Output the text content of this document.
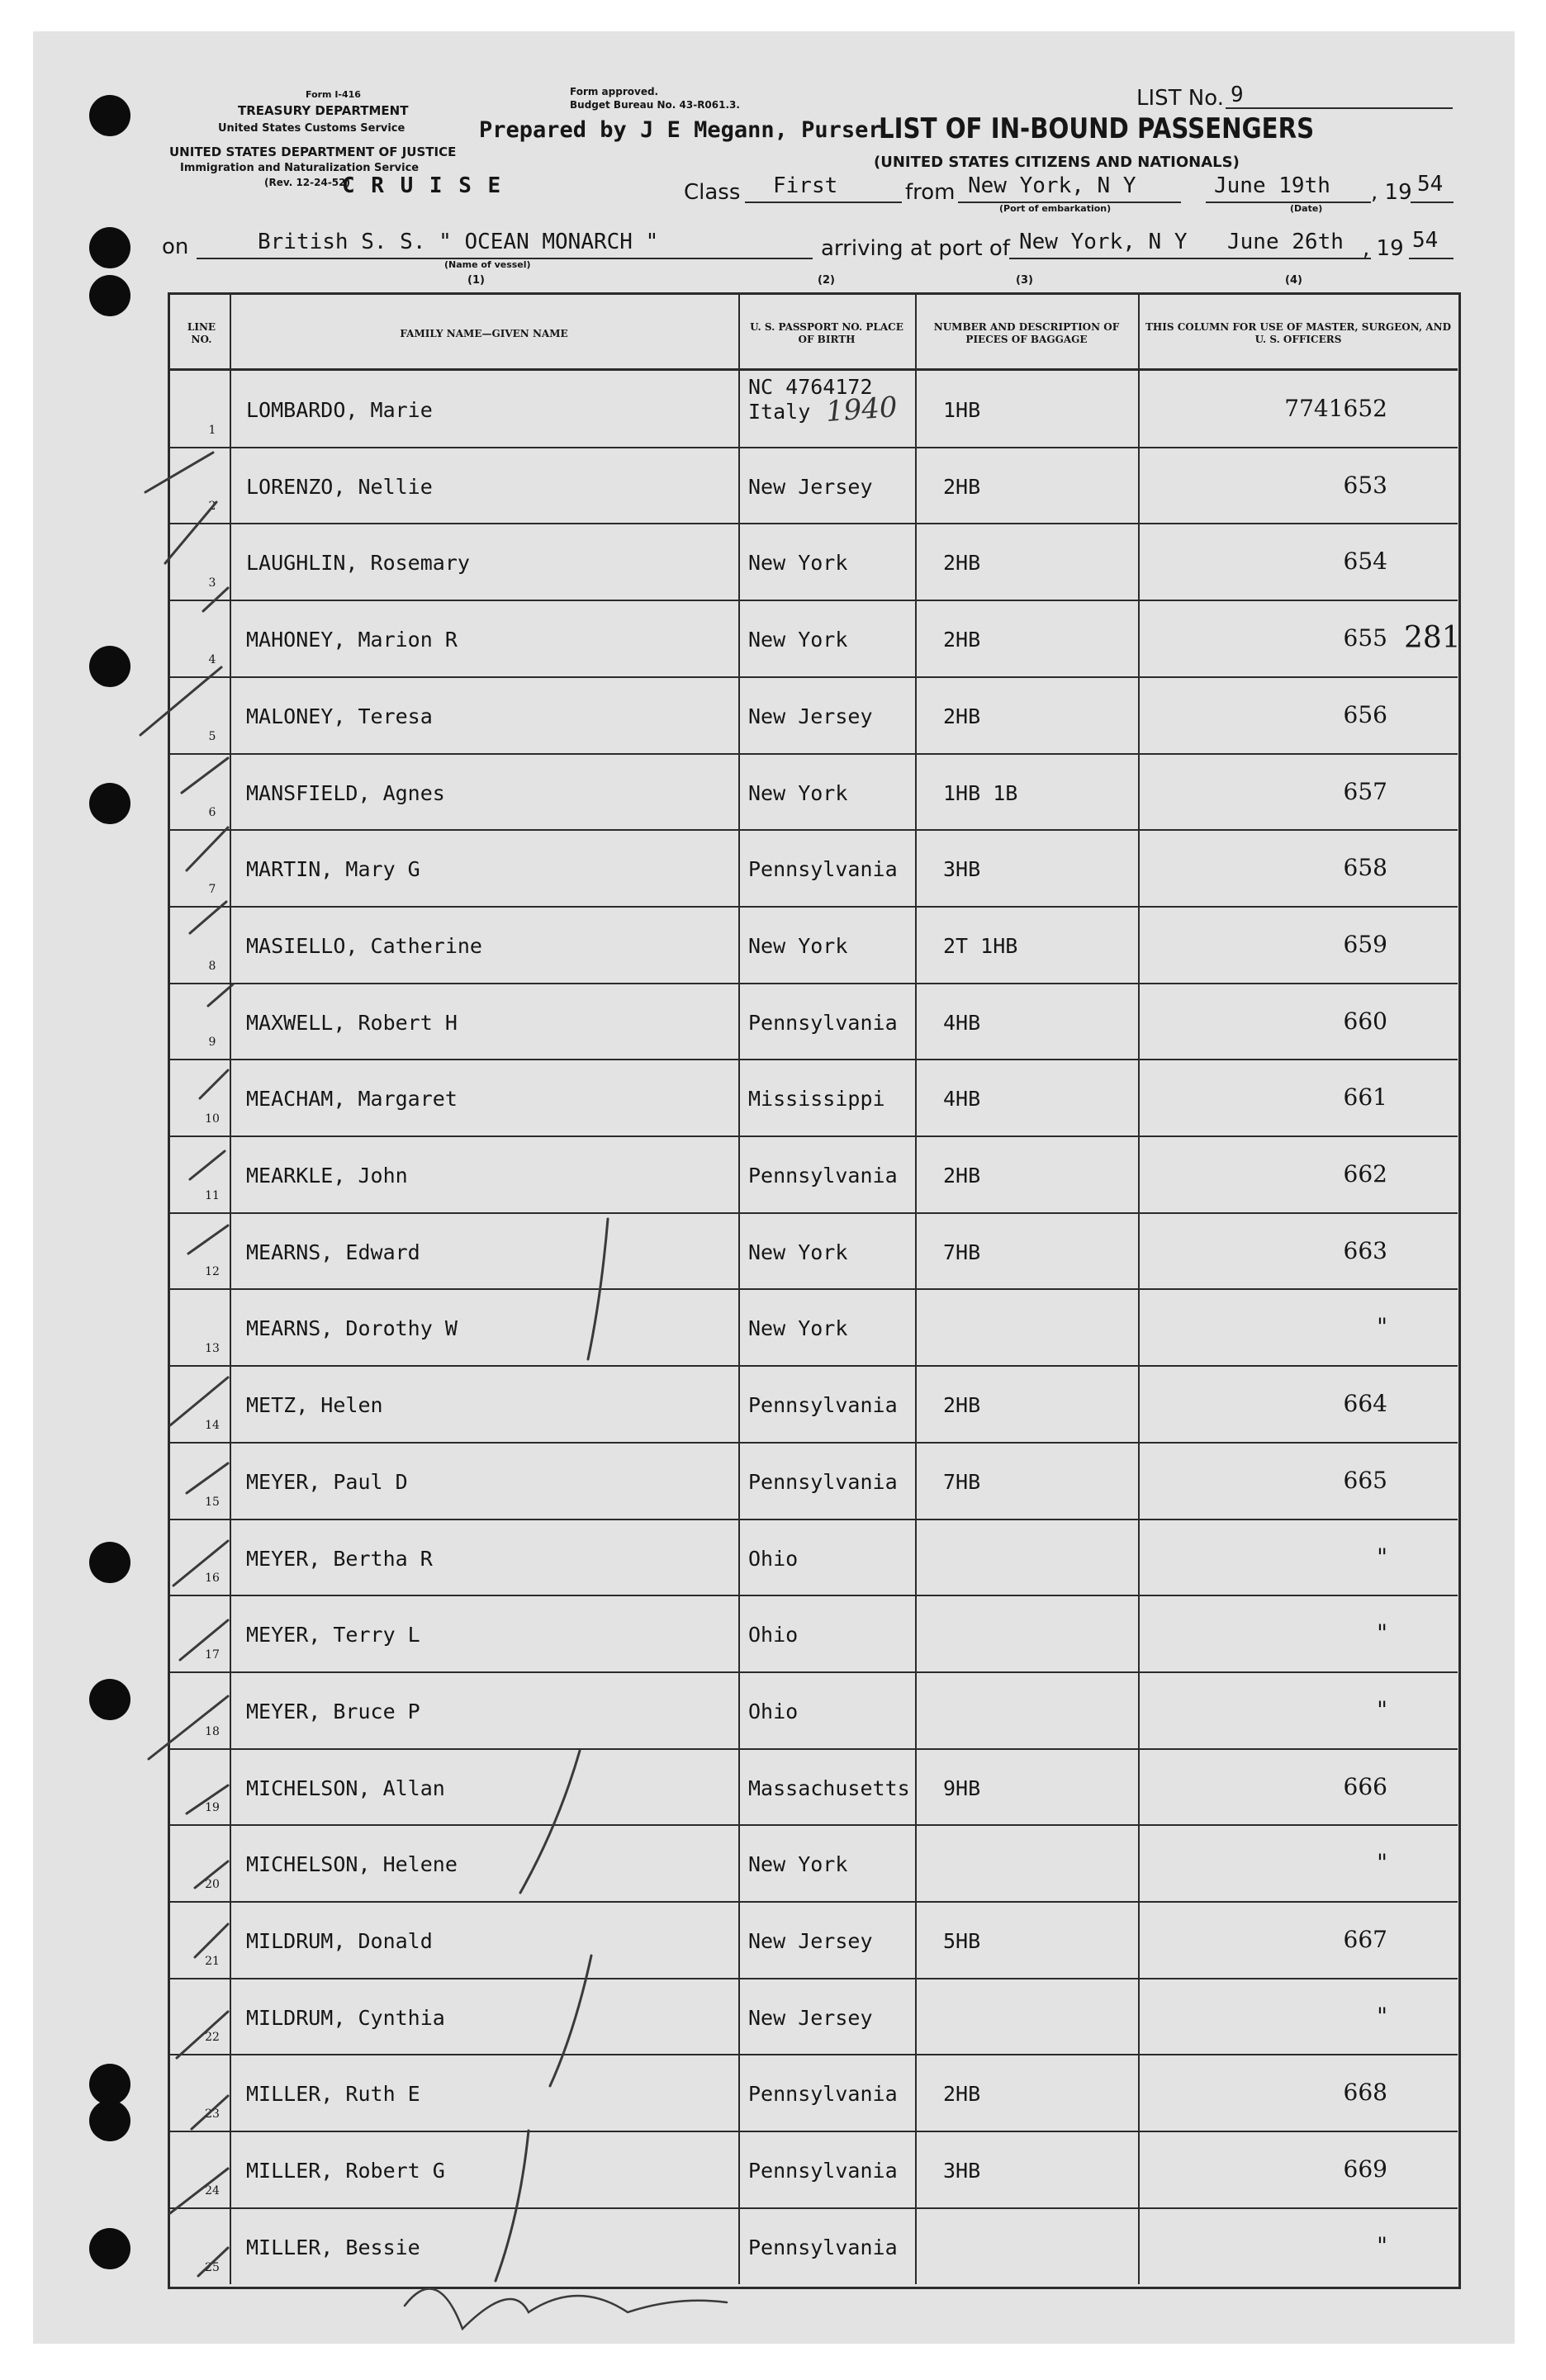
Form I-416
TREASURY DEPARTMENT
United States Customs Service
UNITED STATES DEPARTMENT OF JUSTICE
Immigration and Naturalization Service
(Rev. 12-24-52)
Form approved.
Budget Bureau No. 43-R061.3.
C R U I S E
Prepared by J E Megann, Purser
LIST OF IN-BOUND PASSENGERS
(UNITED STATES CITIZENS AND NATIONALS)
LIST No. 9
Class First	from New York, N Y
(Port of embarkation)
June 19th
(Date)
, 19 54
on	British S. S. " OCEAN MONARCH "
(Name of vessel)
arriving at port of New York, N Y June 26th , 19 54
(1)	(2)	(3)	(4)
LINE NO.
FAMILY NAME—GIVEN NAME
U. S. PASSPORT NO. PLACE OF BIRTH
NUMBER AND DESCRIPTION OF PIECES OF BAGGAGE
THIS COLUMN FOR USE OF MASTER, SURGEON, AND U. S. OFFICERS
1
LOMBARDO, Marie
NC 4764172
Italy	1HB	7741652
2
LORENZO, Nellie	New Jersey	2HB	653
3
LAUGHLIN, Rosemary	New York	2HB	654
4
MAHONEY, Marion R	New York	2HB	655
5
MALONEY, Teresa	New Jersey	2HB	656
6
MANSFIELD, Agnes	New York	1HB 1B	657
7
MARTIN, Mary G	Pennsylvania 3HB	658
8
MASIELLO, Catherine	New York	2T 1HB	659
9
MAXWELL, Robert H	Pennsylvania 4HB	660
10
MEACHAM, Margaret	Mississippi	4HB	661
11
MEARKLE, John	Pennsylvania 2HB	662
12
MEARNS, Edward	New York	7HB	663
13
MEARNS, Dorothy W	New York	"
14
METZ, Helen	Pennsylvania 2HB	664
15
MEYER, Paul D	Pennsylvania 7HB	665
16
MEYER, Bertha R	Ohio	"
17
MEYER, Terry L	Ohio	"
18
MEYER, Bruce P	Ohio	"
19
MICHELSON, Allan	Massachusetts 9HB	666
20
MICHELSON, Helene	New York	"
21
MILDRUM, Donald	New Jersey	5HB	667
22
MILDRUM, Cynthia	New Jersey	"
23
MILLER, Ruth E	Pennsylvania 2HB	668
24
MILLER, Robert G	Pennsylvania 3HB	669
25
MILLER, Bessie	Pennsylvania	"
281
1940
